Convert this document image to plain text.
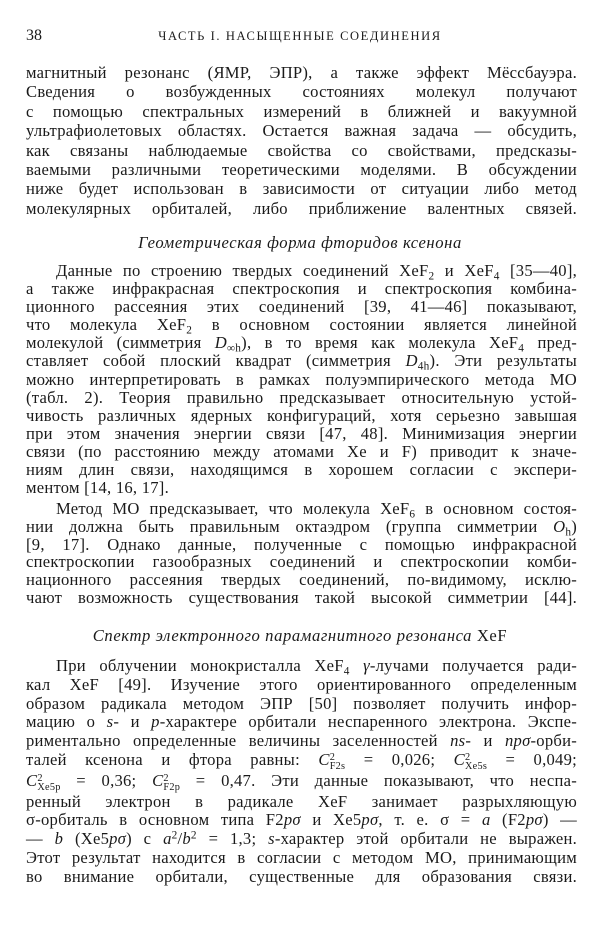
38	ЧАСТЬ I. НАСЫЩЕННЫЕ СОЕДИНЕНИЯ
магнитный резонанс (ЯМР, ЭПР), а также эффект Мёссбауэра.
Сведения о возбужденных состояниях молекул получают
с помощью спектральных измерений в ближней и вакуумной
ультрафиолетовых областях. Остается важная задача — обсудить,
как связаны наблюдаемые свойства со свойствами, предсказы-
ваемыми различными теоретическими моделями. В обсуждении
ниже будет использован в зависимости от ситуации либо метод
молекулярных орбиталей, либо приближение валентных связей.
Геометрическая форма фторидов ксенона
Данные по строению твердых соединений XeF$_2$ и XeF$_4$ [35—40],
а также инфракрасная спектроскопия и спектроскопия комбина-
ционного рассеяния этих соединений [39, 41—46] показывают,
что молекула XeF$_2$ в основном состоянии является линейной
молекулой (симметрия $D_{\infty h}$), в то время как молекула XeF$_4$ пред-
ставляет собой плоский квадрат (симметрия $D_{4h}$). Эти результаты
можно интерпретировать в рамках полуэмпирического метода МО
(табл. 2). Теория правильно предсказывает относительную устой-
чивость различных ядерных конфигураций, хотя серьезно завышая
при этом значения энергии связи [47, 48]. Минимизация энергии
связи (по расстоянию между атомами Xe и F) приводит к значе-
ниям длин связи, находящимся в хорошем согласии с экспери-
ментом [14, 16, 17].
Метод МО предсказывает, что молекула XeF$_6$ в основном состоя-
нии должна быть правильным октаэдром (группа симметрии $O_h$)
[9, 17]. Однако данные, полученные с помощью инфракрасной
спектроскопии газообразных соединений и спектроскопии комби-
национного рассеяния твердых соединений, по-видимому, исклю-
чают возможность существования такой высокой симметрии [44].
Спектр электронного парамагнитного резонанса XeF
При облучении монокристалла XeF$_4$ γ-лучами получается ради-
кал XeF [49]. Изучение этого ориентированного определенным
образом радикала методом ЭПР [50] позволяет получить инфор-
мацию о s- и p-характере орбитали неспаренного электрона. Экспе-
риментально определенные величины заселенностей ns- и npσ-орби-
талей ксенона и фтора равны: C 2
F2s = 0,026; C 2
Xe5s = 0,049;
C 2
Xe5p = 0,36; C 2
F2p = 0,47. Эти данные показывают, что неспа-
ренный электрон в радикале XeF занимает разрыхляющую
σ-орбиталь в основном типа F2pσ и Xe5pσ, т. е. σ = a (F2pσ) —
— b (Xe5pσ) с $a^2/b^2 = 1,3$; s-характер этой орбитали не выражен.
Этот результат находится в согласии с методом МО, принимающим
во внимание орбитали, существенные для образования связи.
